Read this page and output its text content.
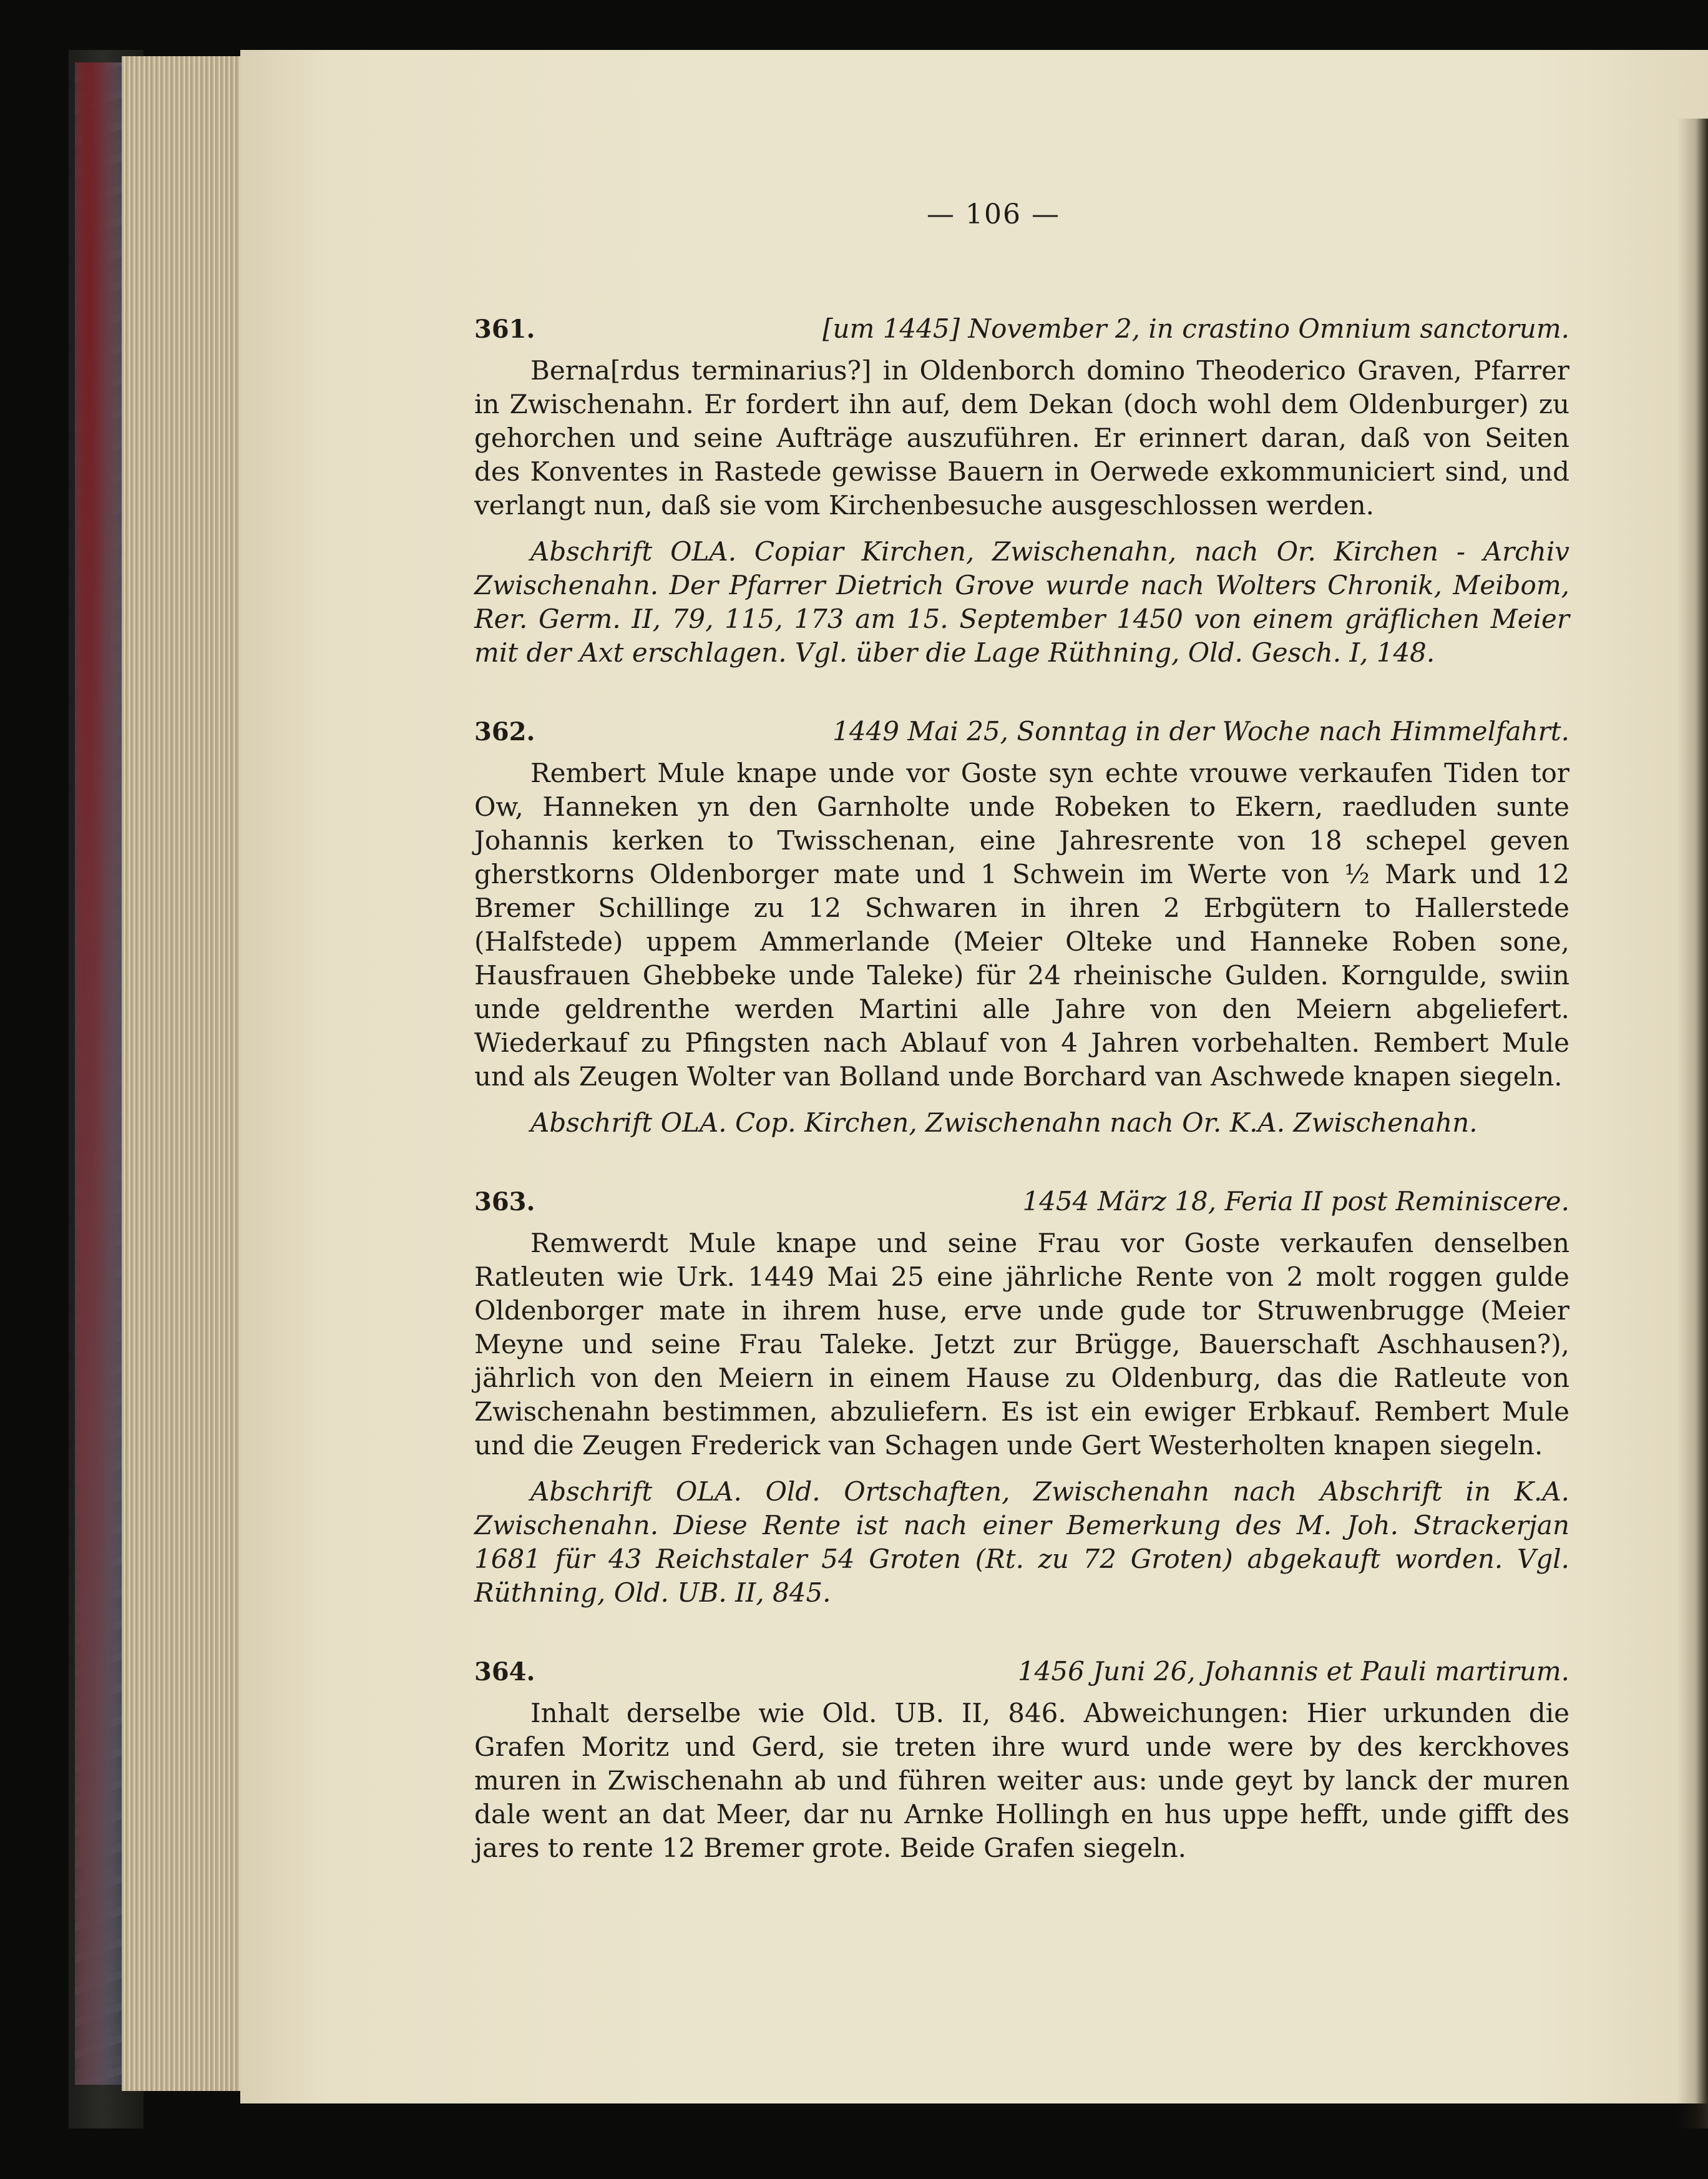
— 106 —
361.	[um 1445] November 2, in crastino Omnium sanctorum.

Berna[rdus terminarius?] in Oldenborch domino Theoderico Graven, Pfarrer in Zwischenahn. Er fordert ihn auf, dem Dekan (doch wohl dem Oldenburger) zu gehorchen und seine Aufträge auszuführen. Er erinnert daran, daß von Seiten des Konventes in Rastede gewisse Bauern in Oerwede exkommuniciert sind, und verlangt nun, daß sie vom Kirchenbesuche ausgeschlossen werden.

Abschrift OLA. Copiar Kirchen, Zwischenahn, nach Or. Kirchen - Archiv Zwischenahn. Der Pfarrer Dietrich Grove wurde nach Wolters Chronik, Meibom, Rer. Germ. II, 79, 115, 173 am 15. September 1450 von einem gräflichen Meier mit der Axt erschlagen. Vgl. über die Lage Rüthning, Old. Gesch. I, 148.

362.	1449 Mai 25, Sonntag in der Woche nach Himmelfahrt.

Rembert Mule knape unde vor Goste syn echte vrouwe verkaufen Tiden tor Ow, Hanneken yn den Garnholte unde Robeken to Ekern, raedluden sunte Johannis kerken to Twisschenan, eine Jahresrente von 18 schepel geven gherstkorns Oldenborger mate und 1 Schwein im Werte von ½ Mark und 12 Bremer Schillinge zu 12 Schwaren in ihren 2 Erbgütern to Hallerstede (Halfstede) uppem Ammerlande (Meier Olteke und Hanneke Roben sone, Hausfrauen Ghebbeke unde Taleke) für 24 rheinische Gulden. Korngulde, swiin unde geldrenthe werden Martini alle Jahre von den Meiern abgeliefert. Wiederkauf zu Pfingsten nach Ablauf von 4 Jahren vorbehalten. Rembert Mule und als Zeugen Wolter van Bolland unde Borchard van Aschwede knapen siegeln.

Abschrift OLA. Cop. Kirchen, Zwischenahn nach Or. K.A. Zwischenahn.

363.	1454 März 18, Feria II post Reminiscere.

Remwerdt Mule knape und seine Frau vor Goste verkaufen denselben Ratleuten wie Urk. 1449 Mai 25 eine jährliche Rente von 2 molt roggen gulde Oldenborger mate in ihrem huse, erve unde gude tor Struwenbrugge (Meier Meyne und seine Frau Taleke. Jetzt zur Brügge, Bauerschaft Aschhausen?), jährlich von den Meiern in einem Hause zu Oldenburg, das die Ratleute von Zwischenahn bestimmen, abzuliefern. Es ist ein ewiger Erbkauf. Rembert Mule und die Zeugen Frederick van Schagen unde Gert Westerholten knapen siegeln.

Abschrift OLA. Old. Ortschaften, Zwischenahn nach Abschrift in K.A. Zwischenahn. Diese Rente ist nach einer Bemerkung des M. Joh. Strackerjan 1681 für 43 Reichstaler 54 Groten (Rt. zu 72 Groten) abgekauft worden. Vgl. Rüthning, Old. UB. II, 845.

364.	1456 Juni 26, Johannis et Pauli martirum.

Inhalt derselbe wie Old. UB. II, 846. Abweichungen: Hier urkunden die Grafen Moritz und Gerd, sie treten ihre wurd unde were by des kerckhoves muren in Zwischenahn ab und führen weiter aus: unde geyt by lanck der muren dale went an dat Meer, dar nu Arnke Hollingh en hus uppe hefft, unde gifft des jares to rente 12 Bremer grote. Beide Grafen siegeln.
